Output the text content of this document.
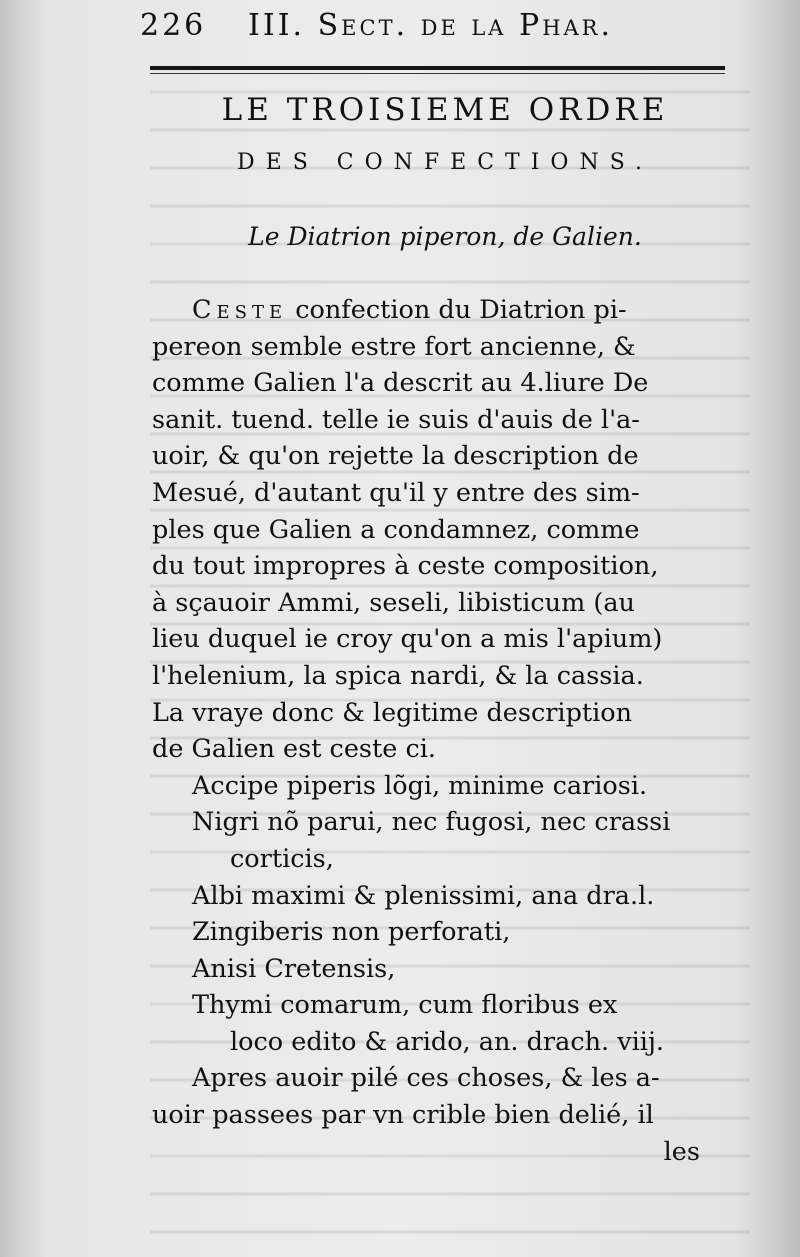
226 III. Sect. de la Phar.
LE TROISIEME ORDRE
DES CONFECTIONS.
Le Diatrion piperon, de Galien.
Ceste confection du Diatrion pi-
pereon semble estre fort ancienne, &
comme Galien l'a descrit au 4.liure De
sanit. tuend. telle ie suis d'auis de l'a-
uoir, & qu'on rejette la description de
Mesué, d'autant qu'il y entre des sim-
ples que Galien a condamnez, comme
du tout impropres à ceste composition,
à sçauoir Ammi, seseli, libisticum (au
lieu duquel ie croy qu'on a mis l'apium)
l'helenium, la spica nardi, & la cassia.
La vraye donc & legitime description
de Galien est ceste ci.
Accipe piperis lõgi, minime cariosi.
Nigri nõ parui, nec fugosi, nec crassi
corticis,
Albi maximi & plenissimi, ana dra.l.
Zingiberis non perforati,
Anisi Cretensis,
Thymi comarum, cum floribus ex
loco edito & arido, an. drach. viij.
Apres auoir pilé ces choses, & les a-
uoir passees par vn crible bien delié, il
les
